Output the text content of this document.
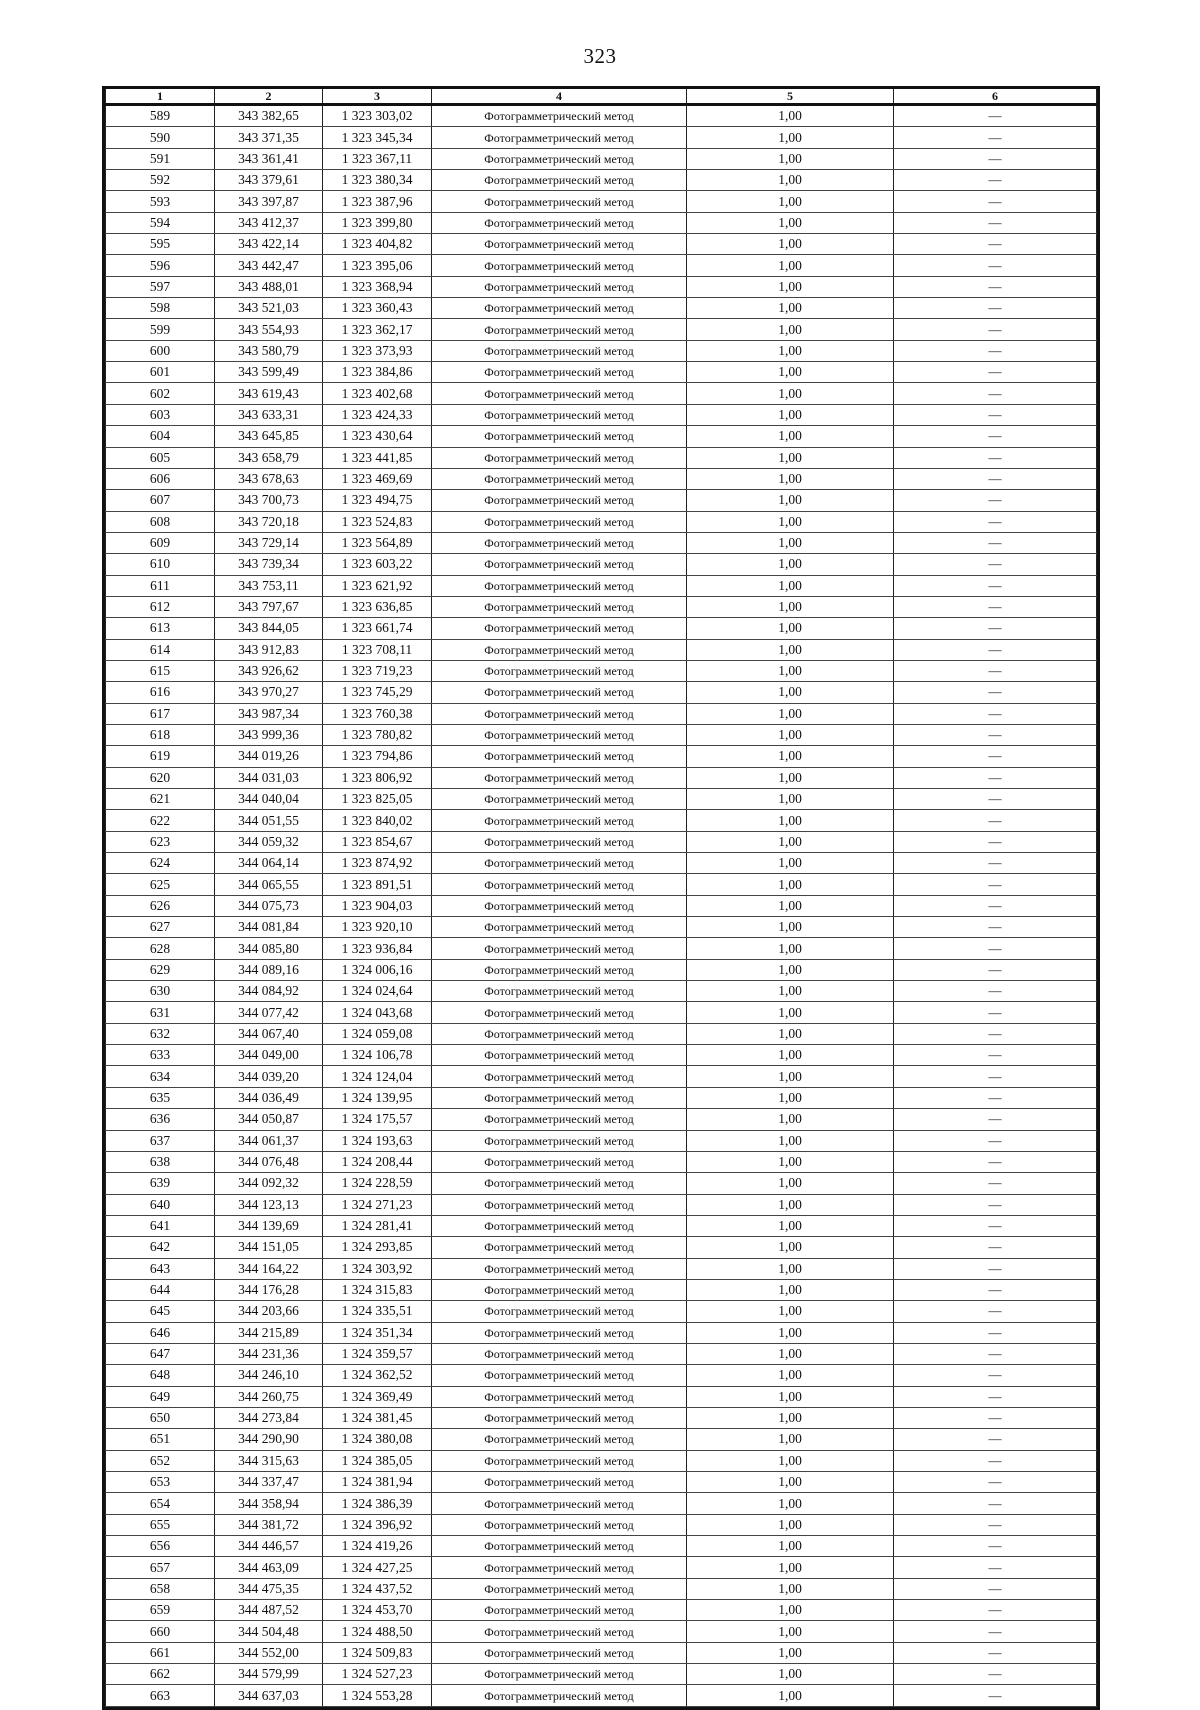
323
1	2	3	4	5	6
589	343 382,65	1 323 303,02	Фотограмметрический метод	1,00	—
590	343 371,35	1 323 345,34	Фотограмметрический метод	1,00	—
591	343 361,41	1 323 367,11	Фотограмметрический метод	1,00	—
592	343 379,61	1 323 380,34	Фотограмметрический метод	1,00	—
593	343 397,87	1 323 387,96	Фотограмметрический метод	1,00	—
594	343 412,37	1 323 399,80	Фотограмметрический метод	1,00	—
595	343 422,14	1 323 404,82	Фотограмметрический метод	1,00	—
596	343 442,47	1 323 395,06	Фотограмметрический метод	1,00	—
597	343 488,01	1 323 368,94	Фотограмметрический метод	1,00	—
598	343 521,03	1 323 360,43	Фотограмметрический метод	1,00	—
599	343 554,93	1 323 362,17	Фотограмметрический метод	1,00	—
600	343 580,79	1 323 373,93	Фотограмметрический метод	1,00	—
601	343 599,49	1 323 384,86	Фотограмметрический метод	1,00	—
602	343 619,43	1 323 402,68	Фотограмметрический метод	1,00	—
603	343 633,31	1 323 424,33	Фотограмметрический метод	1,00	—
604	343 645,85	1 323 430,64	Фотограмметрический метод	1,00	—
605	343 658,79	1 323 441,85	Фотограмметрический метод	1,00	—
606	343 678,63	1 323 469,69	Фотограмметрический метод	1,00	—
607	343 700,73	1 323 494,75	Фотограмметрический метод	1,00	—
608	343 720,18	1 323 524,83	Фотограмметрический метод	1,00	—
609	343 729,14	1 323 564,89	Фотограмметрический метод	1,00	—
610	343 739,34	1 323 603,22	Фотограмметрический метод	1,00	—
611	343 753,11	1 323 621,92	Фотограмметрический метод	1,00	—
612	343 797,67	1 323 636,85	Фотограмметрический метод	1,00	—
613	343 844,05	1 323 661,74	Фотограмметрический метод	1,00	—
614	343 912,83	1 323 708,11	Фотограмметрический метод	1,00	—
615	343 926,62	1 323 719,23	Фотограмметрический метод	1,00	—
616	343 970,27	1 323 745,29	Фотограмметрический метод	1,00	—
617	343 987,34	1 323 760,38	Фотограмметрический метод	1,00	—
618	343 999,36	1 323 780,82	Фотограмметрический метод	1,00	—
619	344 019,26	1 323 794,86	Фотограмметрический метод	1,00	—
620	344 031,03	1 323 806,92	Фотограмметрический метод	1,00	—
621	344 040,04	1 323 825,05	Фотограмметрический метод	1,00	—
622	344 051,55	1 323 840,02	Фотограмметрический метод	1,00	—
623	344 059,32	1 323 854,67	Фотограмметрический метод	1,00	—
624	344 064,14	1 323 874,92	Фотограмметрический метод	1,00	—
625	344 065,55	1 323 891,51	Фотограмметрический метод	1,00	—
626	344 075,73	1 323 904,03	Фотограмметрический метод	1,00	—
627	344 081,84	1 323 920,10	Фотограмметрический метод	1,00	—
628	344 085,80	1 323 936,84	Фотограмметрический метод	1,00	—
629	344 089,16	1 324 006,16	Фотограмметрический метод	1,00	—
630	344 084,92	1 324 024,64	Фотограмметрический метод	1,00	—
631	344 077,42	1 324 043,68	Фотограмметрический метод	1,00	—
632	344 067,40	1 324 059,08	Фотограмметрический метод	1,00	—
633	344 049,00	1 324 106,78	Фотограмметрический метод	1,00	—
634	344 039,20	1 324 124,04	Фотограмметрический метод	1,00	—
635	344 036,49	1 324 139,95	Фотограмметрический метод	1,00	—
636	344 050,87	1 324 175,57	Фотограмметрический метод	1,00	—
637	344 061,37	1 324 193,63	Фотограмметрический метод	1,00	—
638	344 076,48	1 324 208,44	Фотограмметрический метод	1,00	—
639	344 092,32	1 324 228,59	Фотограмметрический метод	1,00	—
640	344 123,13	1 324 271,23	Фотограмметрический метод	1,00	—
641	344 139,69	1 324 281,41	Фотограмметрический метод	1,00	—
642	344 151,05	1 324 293,85	Фотограмметрический метод	1,00	—
643	344 164,22	1 324 303,92	Фотограмметрический метод	1,00	—
644	344 176,28	1 324 315,83	Фотограмметрический метод	1,00	—
645	344 203,66	1 324 335,51	Фотограмметрический метод	1,00	—
646	344 215,89	1 324 351,34	Фотограмметрический метод	1,00	—
647	344 231,36	1 324 359,57	Фотограмметрический метод	1,00	—
648	344 246,10	1 324 362,52	Фотограмметрический метод	1,00	—
649	344 260,75	1 324 369,49	Фотограмметрический метод	1,00	—
650	344 273,84	1 324 381,45	Фотограмметрический метод	1,00	—
651	344 290,90	1 324 380,08	Фотограмметрический метод	1,00	—
652	344 315,63	1 324 385,05	Фотограмметрический метод	1,00	—
653	344 337,47	1 324 381,94	Фотограмметрический метод	1,00	—
654	344 358,94	1 324 386,39	Фотограмметрический метод	1,00	—
655	344 381,72	1 324 396,92	Фотограмметрический метод	1,00	—
656	344 446,57	1 324 419,26	Фотограмметрический метод	1,00	—
657	344 463,09	1 324 427,25	Фотограмметрический метод	1,00	—
658	344 475,35	1 324 437,52	Фотограмметрический метод	1,00	—
659	344 487,52	1 324 453,70	Фотограмметрический метод	1,00	—
660	344 504,48	1 324 488,50	Фотограмметрический метод	1,00	—
661	344 552,00	1 324 509,83	Фотограмметрический метод	1,00	—
662	344 579,99	1 324 527,23	Фотограмметрический метод	1,00	—
663	344 637,03	1 324 553,28	Фотограмметрический метод	1,00	—
